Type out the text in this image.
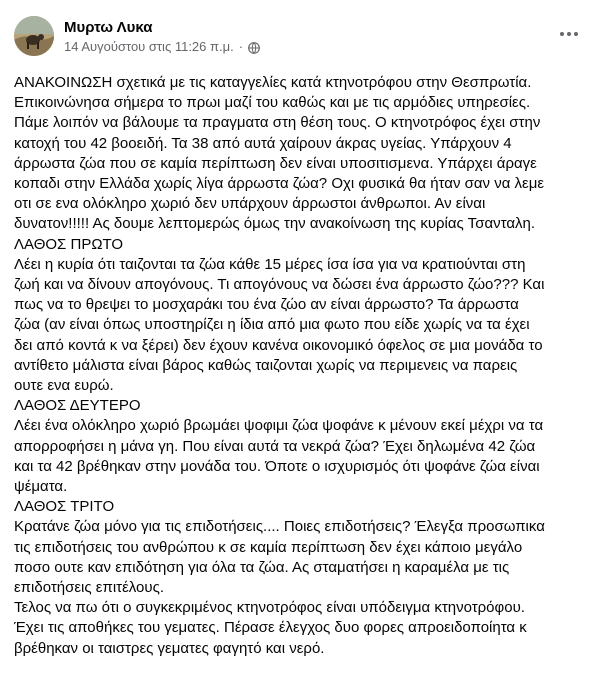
Μυρτω Λυκα
14 Αυγούστου στις 11:26 π.μ. ·
ΑΝΑΚΟΙΝΩΣΗ σχετικά με τις καταγγελίες κατά κτηνοτρόφου στην Θεσπρωτία.
Επικοινώνησα σήμερα το πρωι μαζί του καθώς και με τις αρμόδιες υπηρεσίες.
Πάμε λοιπόν να βάλουμε τα πραγματα στη θέση τους. Ο κτηνοτρόφος έχει στην
κατοχή του 42 βοοειδή. Τα 38 από αυτά χαίρουν άκρας υγείας. Υπάρχουν 4
άρρωστα ζώα που σε καμία περίπτωση δεν είναι υποσιτισμενα. Υπάρχει άραγε
κοπαδι στην Ελλάδα χωρίς λίγα άρρωστα ζώα? Οχι φυσικά θα ήταν σαν να λεμε
οτι σε ενα ολόκληρο χωριό δεν υπάρχουν άρρωστοι άνθρωποι. Αν είναι
δυνατον!!!!! Ας δουμε λεπτομερώς όμως την ανακοίνωση της κυρίας Τσανταλη.
ΛΑΘΟΣ ΠΡΩΤΟ
Λέει η κυρία ότι ταιζονται τα ζώα κάθε 15 μέρες ίσα ίσα για να κρατιούνται στη
ζωή και να δίνουν απογόνους. Τι απογόνους να δώσει ένα άρρωστο ζώο??? Και
πως να το θρεψει το μοσχαράκι του ένα ζώο αν είναι άρρωστο? Τα άρρωστα
ζώα (αν είναι όπως υποστηρίζει η ίδια από μια φωτο που είδε χωρίς να τα έχει
δει από κοντά κ να ξέρει) δεν έχουν κανένα οικονομικό όφελος σε μια μονάδα το
αντίθετο μάλιστα είναι βάρος καθώς ταιζονται χωρίς να περιμενεις να παρεις
ουτε ενα ευρώ.
ΛΑΘΟΣ ΔΕΥΤΕΡΟ
Λέει ένα ολόκληρο χωριό βρωμάει ψοφιμι ζώα ψοφάνε κ μένουν εκεί μέχρι να τα
απορροφήσει η μάνα γη. Που είναι αυτά τα νεκρά ζώα? Έχει δηλωμένα 42 ζώα
και τα 42 βρέθηκαν στην μονάδα του. Όποτε ο ισχυρισμός ότι ψοφάνε ζώα είναι
ψέματα.
ΛΑΘΟΣ ΤΡΙΤΟ
Κρατάνε ζώα μόνο για τις επιδοτήσεις.... Ποιες επιδοτήσεις? Έλεγξα προσωπικα
τις επιδοτήσεις του ανθρώπου κ σε καμία περίπτωση δεν έχει κάποιο μεγάλο
ποσο ουτε καν επιδότηση για όλα τα ζώα. Ας σταματήσει η καραμέλα με τις
επιδοτήσεις επιτέλους.
Τελος να πω ότι ο συγκεκριμένος κτηνοτρόφος είναι υπόδειγμα κτηνοτρόφου.
Έχει τις αποθήκες του γεματες. Πέρασε έλεγχος δυο φορες απροειδοποίητα κ
βρέθηκαν οι ταιστρες γεματες φαγητό και νερό.
